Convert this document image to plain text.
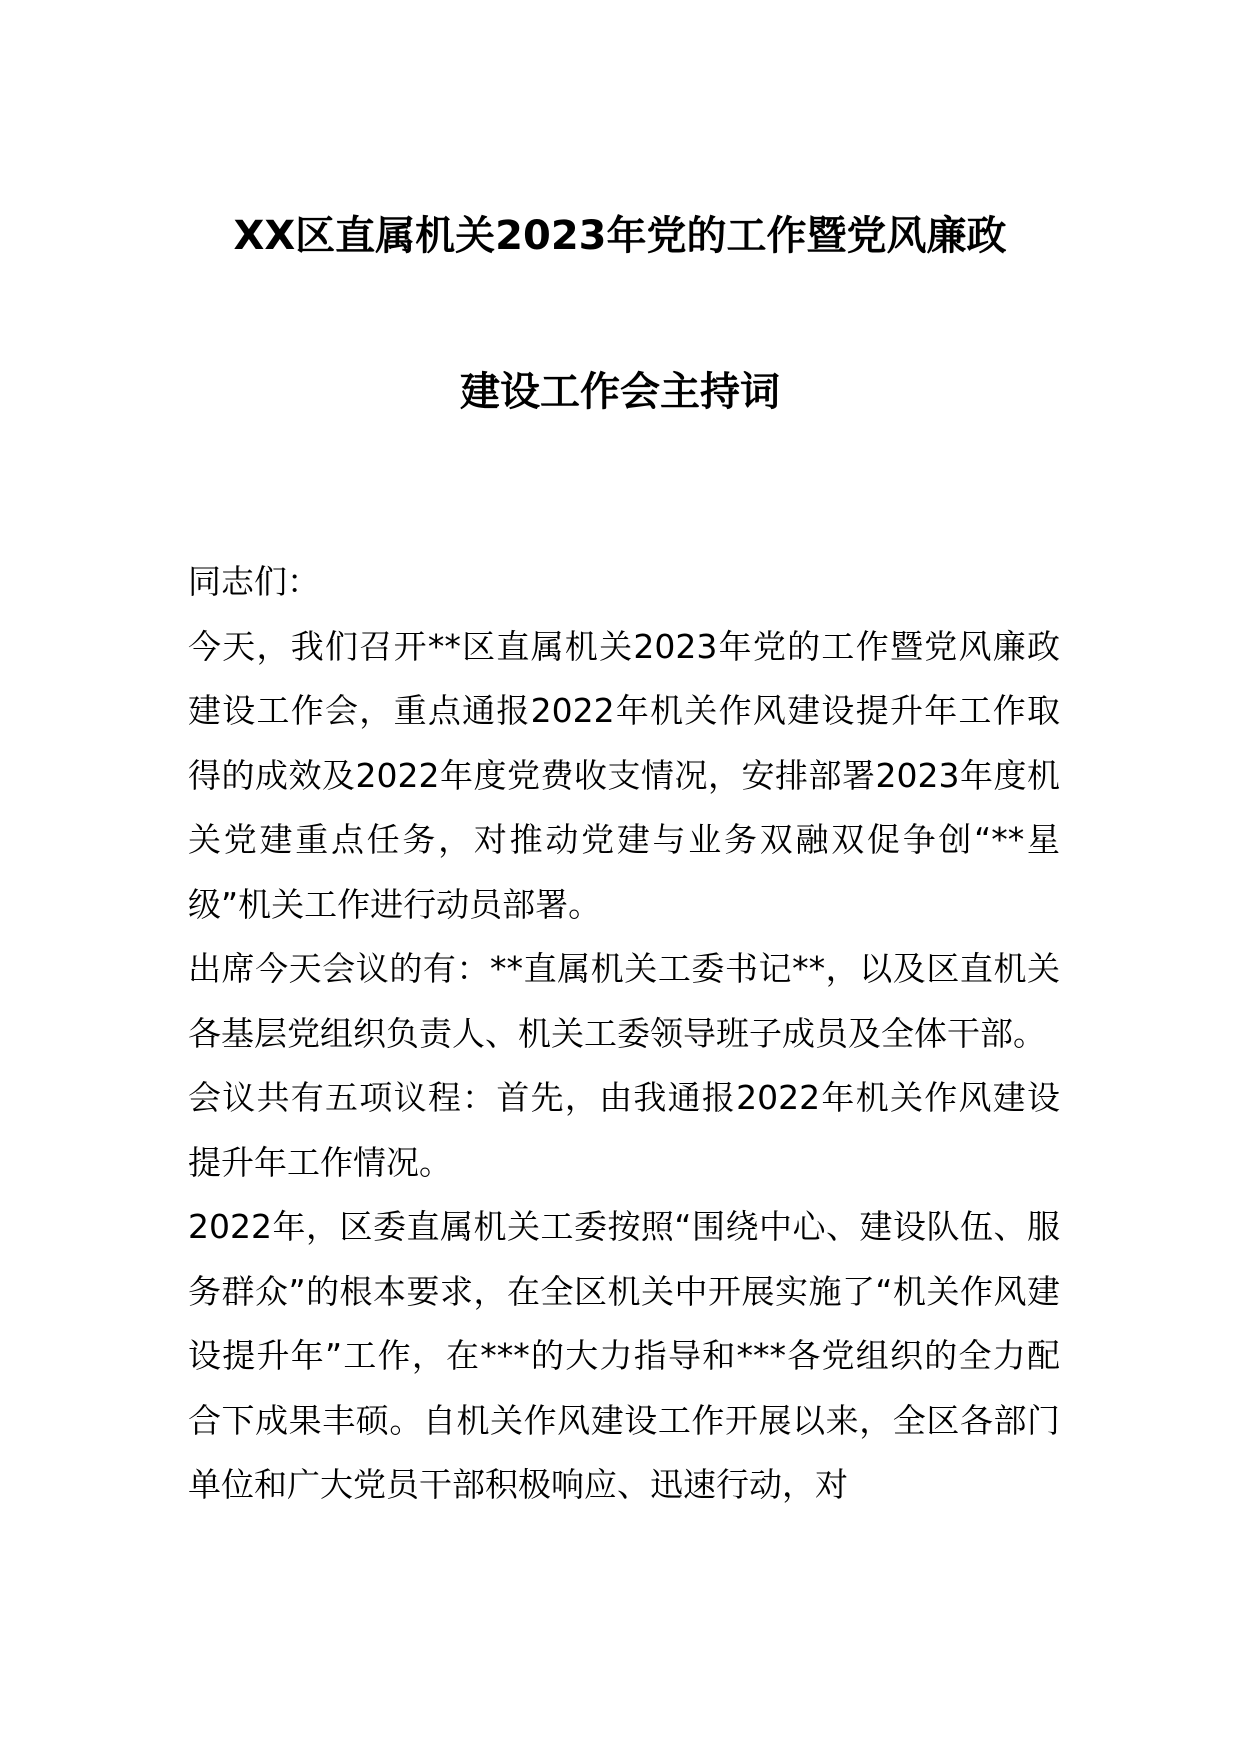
XX区直属机关2023年党的工作暨党风廉政
建设工作会主持词

同志们：

今天，我们召开**区直属机关2023年党的工作暨党风廉政建设工作会，重点通报2022年机关作风建设提升年工作取得的成效及2022年度党费收支情况，安排部署2023年度机关党建重点任务，对推动党建与业务双融双促争创“**星级”机关工作进行动员部署。

出席今天会议的有：**直属机关工委书记**，以及区直机关各基层党组织负责人、机关工委领导班子成员及全体干部。

会议共有五项议程：首先，由我通报2022年机关作风建设提升年工作情况。

2022年，区委直属机关工委按照“围绕中心、建设队伍、服务群众”的根本要求，在全区机关中开展实施了“机关作风建设提升年”工作，在***的大力指导和***各党组织的全力配合下成果丰硕。自机关作风建设工作开展以来，全区各部门单位和广大党员干部积极响应、迅速行动，对
